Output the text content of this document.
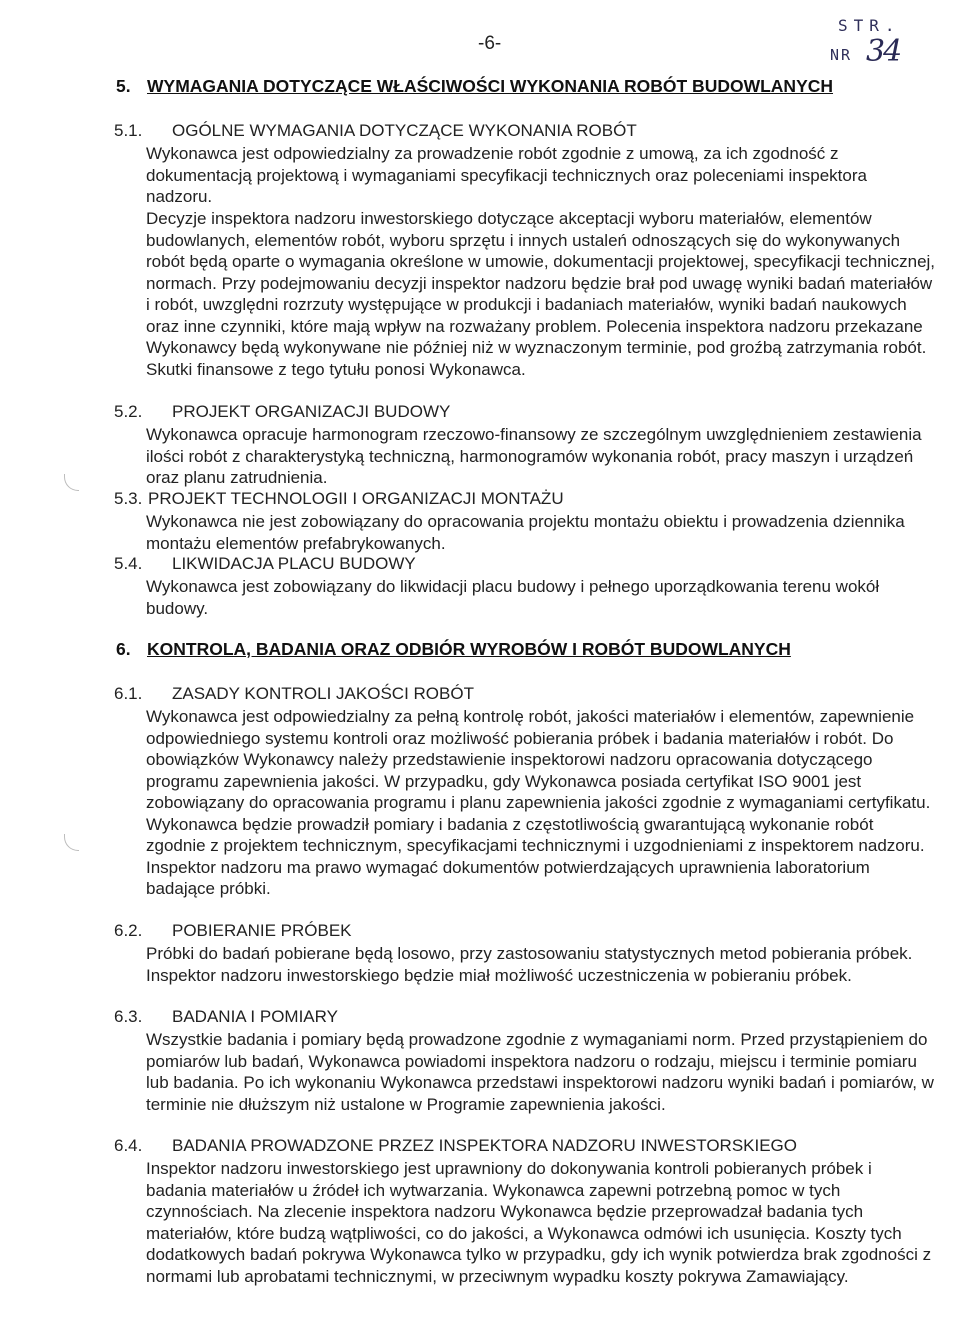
-6-
STR.
NR 34
5. WYMAGANIA DOTYCZĄCE WŁAŚCIWOŚCI WYKONANIA ROBÓT BUDOWLANYCH
5.1. OGÓLNE WYMAGANIA DOTYCZĄCE WYKONANIA ROBÓT

Wykonawca jest odpowiedzialny za prowadzenie robót zgodnie z umową, za ich zgodność z dokumentacją projektową i wymaganiami specyfikacji technicznych oraz poleceniami inspektora nadzoru.

Decyzje inspektora nadzoru inwestorskiego dotyczące akceptacji wyboru materiałów, elementów budowlanych, elementów robót, wyboru sprzętu i innych ustaleń odnoszących się do wykonywanych robót będą oparte o wymagania określone w umowie, dokumentacji projektowej, specyfikacji technicznej, normach. Przy podejmowaniu decyzji inspektor nadzoru będzie brał pod uwagę wyniki badań materiałów i robót, uwzględni rozrzuty występujące w produkcji i badaniach materiałów, wyniki badań naukowych oraz inne czynniki, które mają wpływ na rozważany problem. Polecenia inspektora nadzoru przekazane Wykonawcy będą wykonywane nie później niż w wyznaczonym terminie, pod groźbą zatrzymania robót. Skutki finansowe z tego tytułu ponosi Wykonawca.

5.2. PROJEKT ORGANIZACJI BUDOWY

Wykonawca opracuje harmonogram rzeczowo-finansowy ze szczególnym uwzględnieniem zestawienia ilości robót z charakterystyką techniczną, harmonogramów wykonania robót, pracy maszyn i urządzeń oraz planu zatrudnienia.

5.3. PROJEKT TECHNOLOGII I ORGANIZACJI MONTAŻU

Wykonawca nie jest zobowiązany do opracowania projektu montażu obiektu i prowadzenia dziennika montażu elementów prefabrykowanych.

5.4. LIKWIDACJA PLACU BUDOWY

Wykonawca jest zobowiązany do likwidacji placu budowy i pełnego uporządkowania terenu wokół budowy.

6. KONTROLA, BADANIA ORAZ ODBIÓR WYROBÓW I ROBÓT BUDOWLANYCH
6.1. ZASADY KONTROLI JAKOŚCI ROBÓT

Wykonawca jest odpowiedzialny za pełną kontrolę robót, jakości materiałów i elementów, zapewnienie odpowiedniego systemu kontroli oraz możliwość pobierania próbek i badania materiałów i robót. Do obowiązków Wykonawcy należy przedstawienie inspektorowi nadzoru opracowania dotyczącego programu zapewnienia jakości. W przypadku, gdy Wykonawca posiada certyfikat ISO 9001 jest zobowiązany do opracowania programu i planu zapewnienia jakości zgodnie z wymaganiami certyfikatu. Wykonawca będzie prowadził pomiary i badania z częstotliwością gwarantującą wykonanie robót zgodnie z projektem technicznym, specyfikacjami technicznymi i uzgodnieniami z inspektorem nadzoru. Inspektor nadzoru ma prawo wymagać dokumentów potwierdzających uprawnienia laboratorium badające próbki.

6.2. POBIERANIE PRÓBEK

Próbki do badań pobierane będą losowo, przy zastosowaniu statystycznych metod pobierania próbek. Inspektor nadzoru inwestorskiego będzie miał możliwość uczestniczenia w pobieraniu próbek.

6.3. BADANIA I POMIARY

Wszystkie badania i pomiary będą prowadzone zgodnie z wymaganiami norm. Przed przystąpieniem do pomiarów lub badań, Wykonawca powiadomi inspektora nadzoru o rodzaju, miejscu i terminie pomiaru lub badania. Po ich wykonaniu Wykonawca przedstawi inspektorowi nadzoru wyniki badań i pomiarów, w terminie nie dłuższym niż ustalone w Programie zapewnienia jakości.

6.4. BADANIA PROWADZONE PRZEZ INSPEKTORA NADZORU INWESTORSKIEGO

Inspektor nadzoru inwestorskiego jest uprawniony do dokonywania kontroli pobieranych próbek i badania materiałów u źródeł ich wytwarzania. Wykonawca zapewni potrzebną pomoc w tych czynnościach. Na zlecenie inspektora nadzoru Wykonawca będzie przeprowadzał badania tych materiałów, które budzą wątpliwości, co do jakości, a Wykonawca odmówi ich usunięcia. Koszty tych dodatkowych badań pokrywa Wykonawca tylko w przypadku, gdy ich wynik potwierdza brak zgodności z normami lub aprobatami technicznymi, w przeciwnym wypadku koszty pokrywa Zamawiający.
